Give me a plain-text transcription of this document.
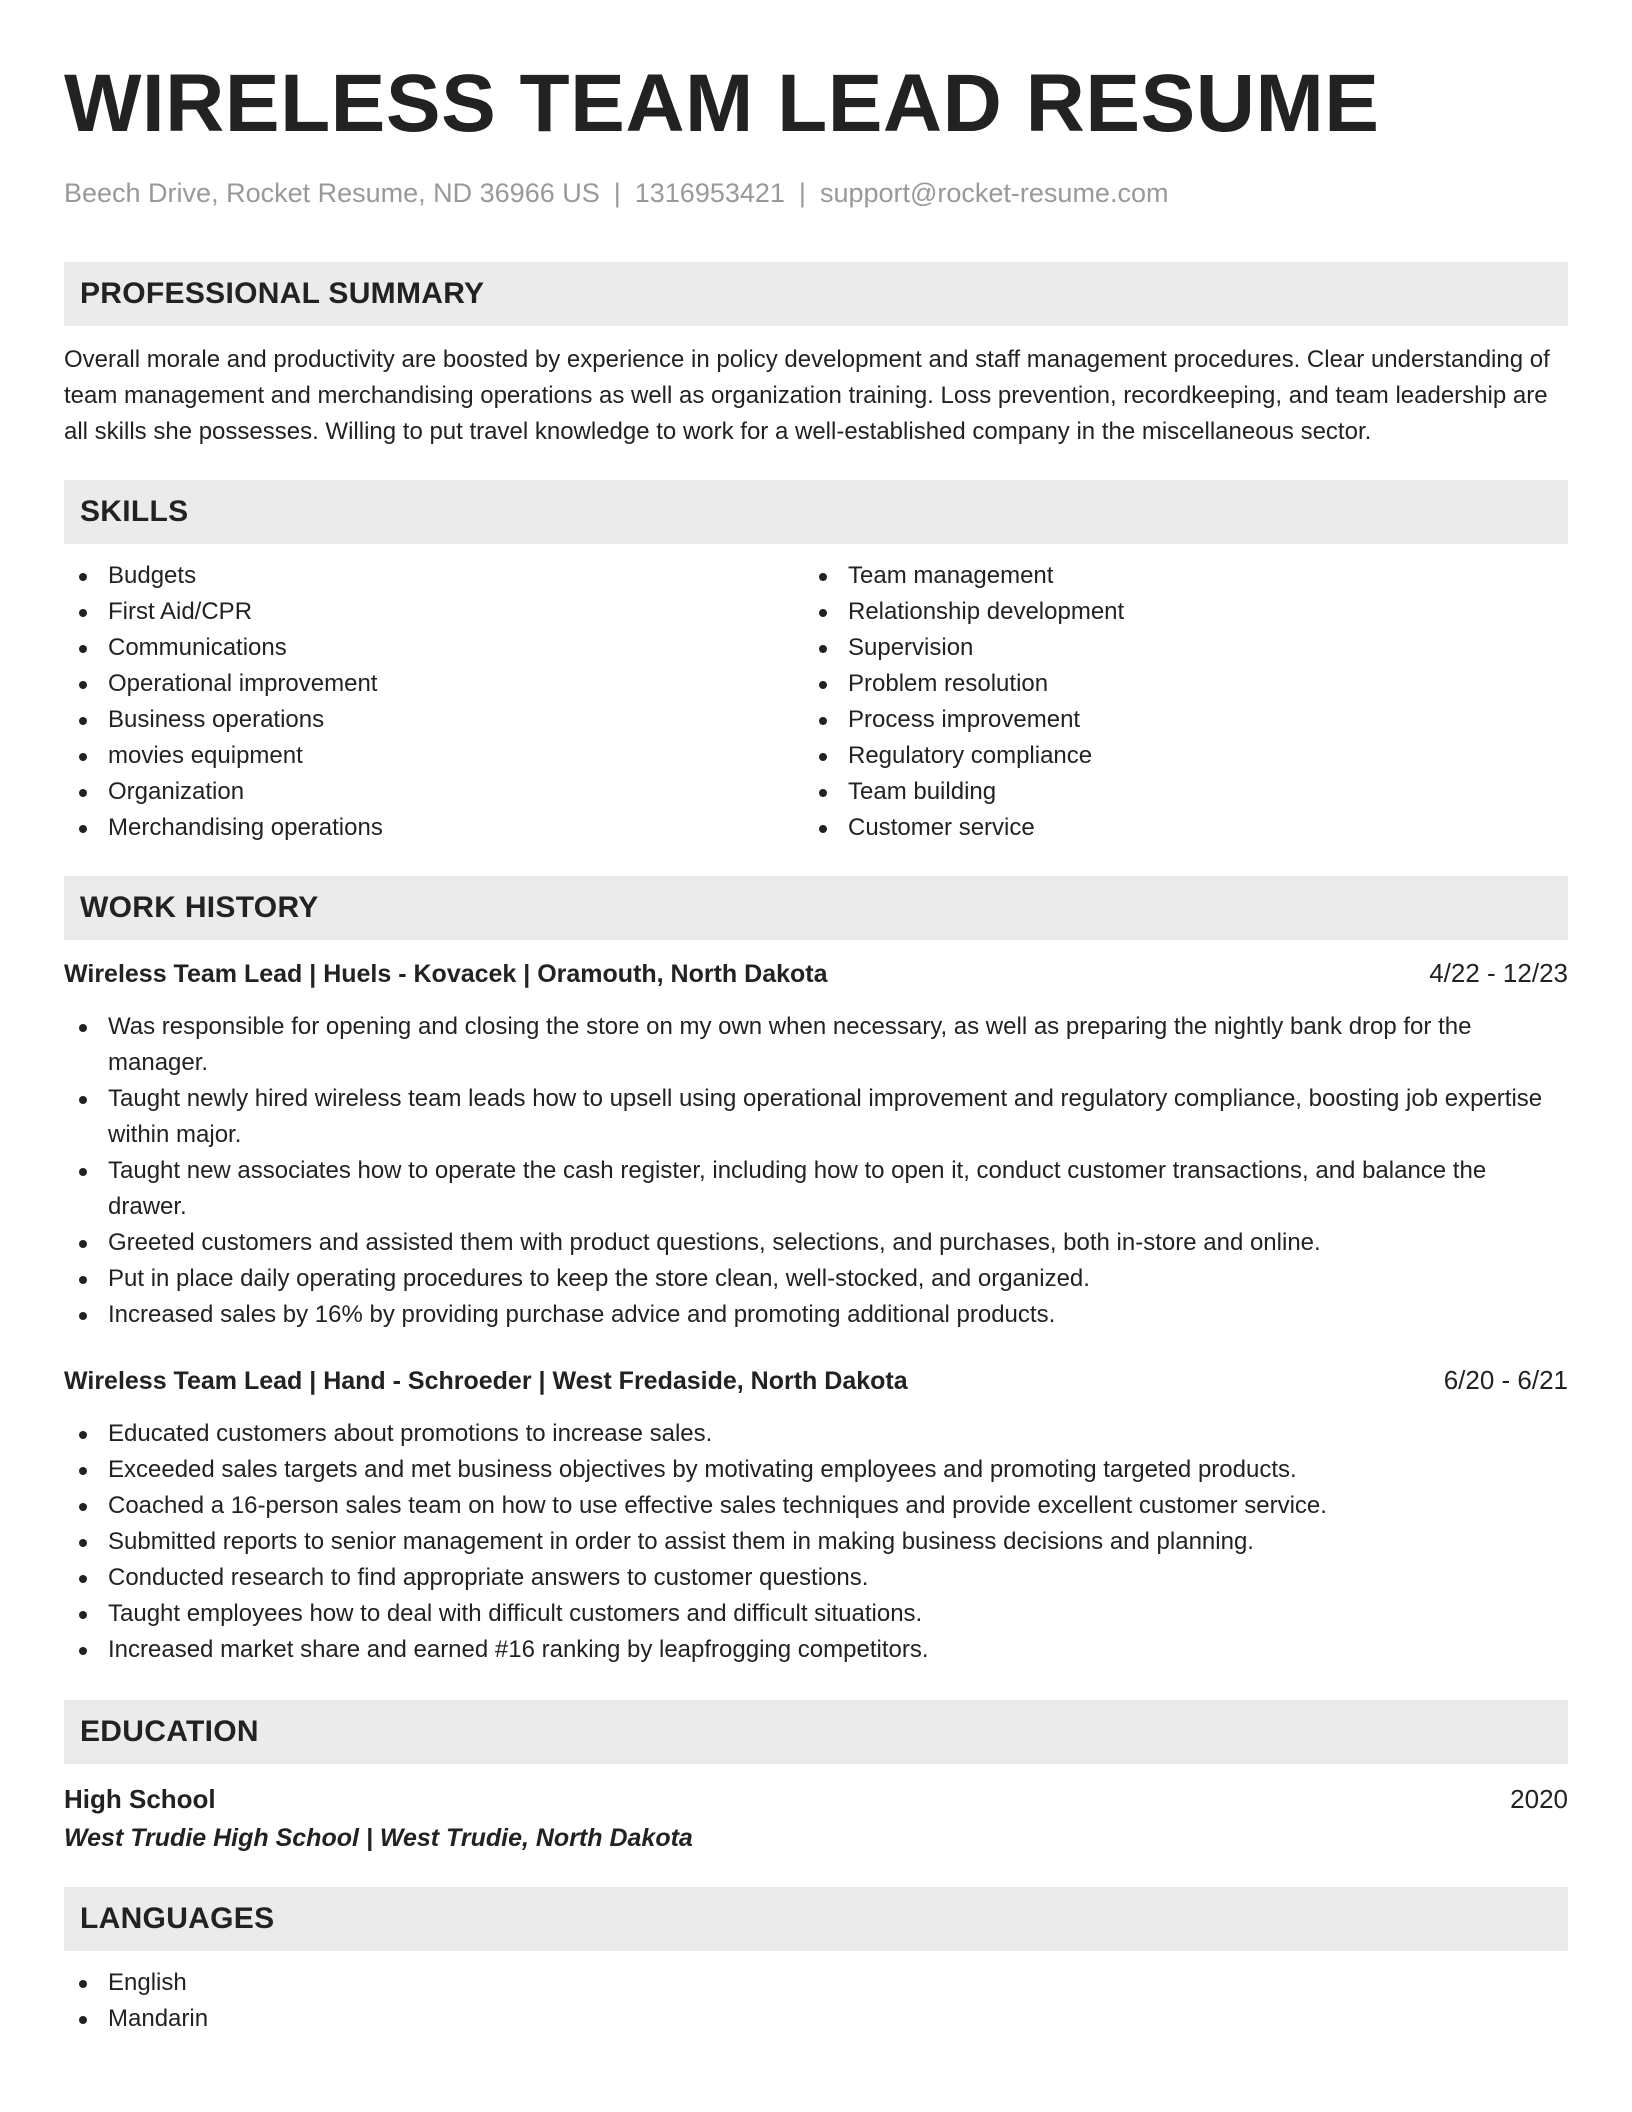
WIRELESS TEAM LEAD RESUME
Beech Drive, Rocket Resume, ND 36966 US | 1316953421 | support@rocket-resume.com
PROFESSIONAL SUMMARY

Overall morale and productivity are boosted by experience in policy development and staff management procedures. Clear understanding of team management and merchandising operations as well as organization training. Loss prevention, recordkeeping, and team leadership are all skills she possesses. Willing to put travel knowledge to work for a well-established company in the miscellaneous sector.

SKILLS
Budgets
First Aid/CPR
Communications
Operational improvement
Business operations
movies equipment
Organization
Merchandising operations
Team management
Relationship development
Supervision
Problem resolution
Process improvement
Regulatory compliance
Team building
Customer service
WORK HISTORY
Wireless Team Lead | Huels - Kovacek | Oramouth, North Dakota	4/22 - 12/23
Was responsible for opening and closing the store on my own when necessary, as well as preparing the nightly bank drop for the manager.
Taught newly hired wireless team leads how to upsell using operational improvement and regulatory compliance, boosting job expertise within major.
Taught new associates how to operate the cash register, including how to open it, conduct customer transactions, and balance the drawer.
Greeted customers and assisted them with product questions, selections, and purchases, both in-store and online.
Put in place daily operating procedures to keep the store clean, well-stocked, and organized.
Increased sales by 16% by providing purchase advice and promoting additional products.
Wireless Team Lead | Hand - Schroeder | West Fredaside, North Dakota	6/20 - 6/21
Educated customers about promotions to increase sales.
Exceeded sales targets and met business objectives by motivating employees and promoting targeted products.
Coached a 16-person sales team on how to use effective sales techniques and provide excellent customer service.
Submitted reports to senior management in order to assist them in making business decisions and planning.
Conducted research to find appropriate answers to customer questions.
Taught employees how to deal with difficult customers and difficult situations.
Increased market share and earned #16 ranking by leapfrogging competitors.
EDUCATION
High School	2020
West Trudie High School | West Trudie, North Dakota
LANGUAGES
English
Mandarin
